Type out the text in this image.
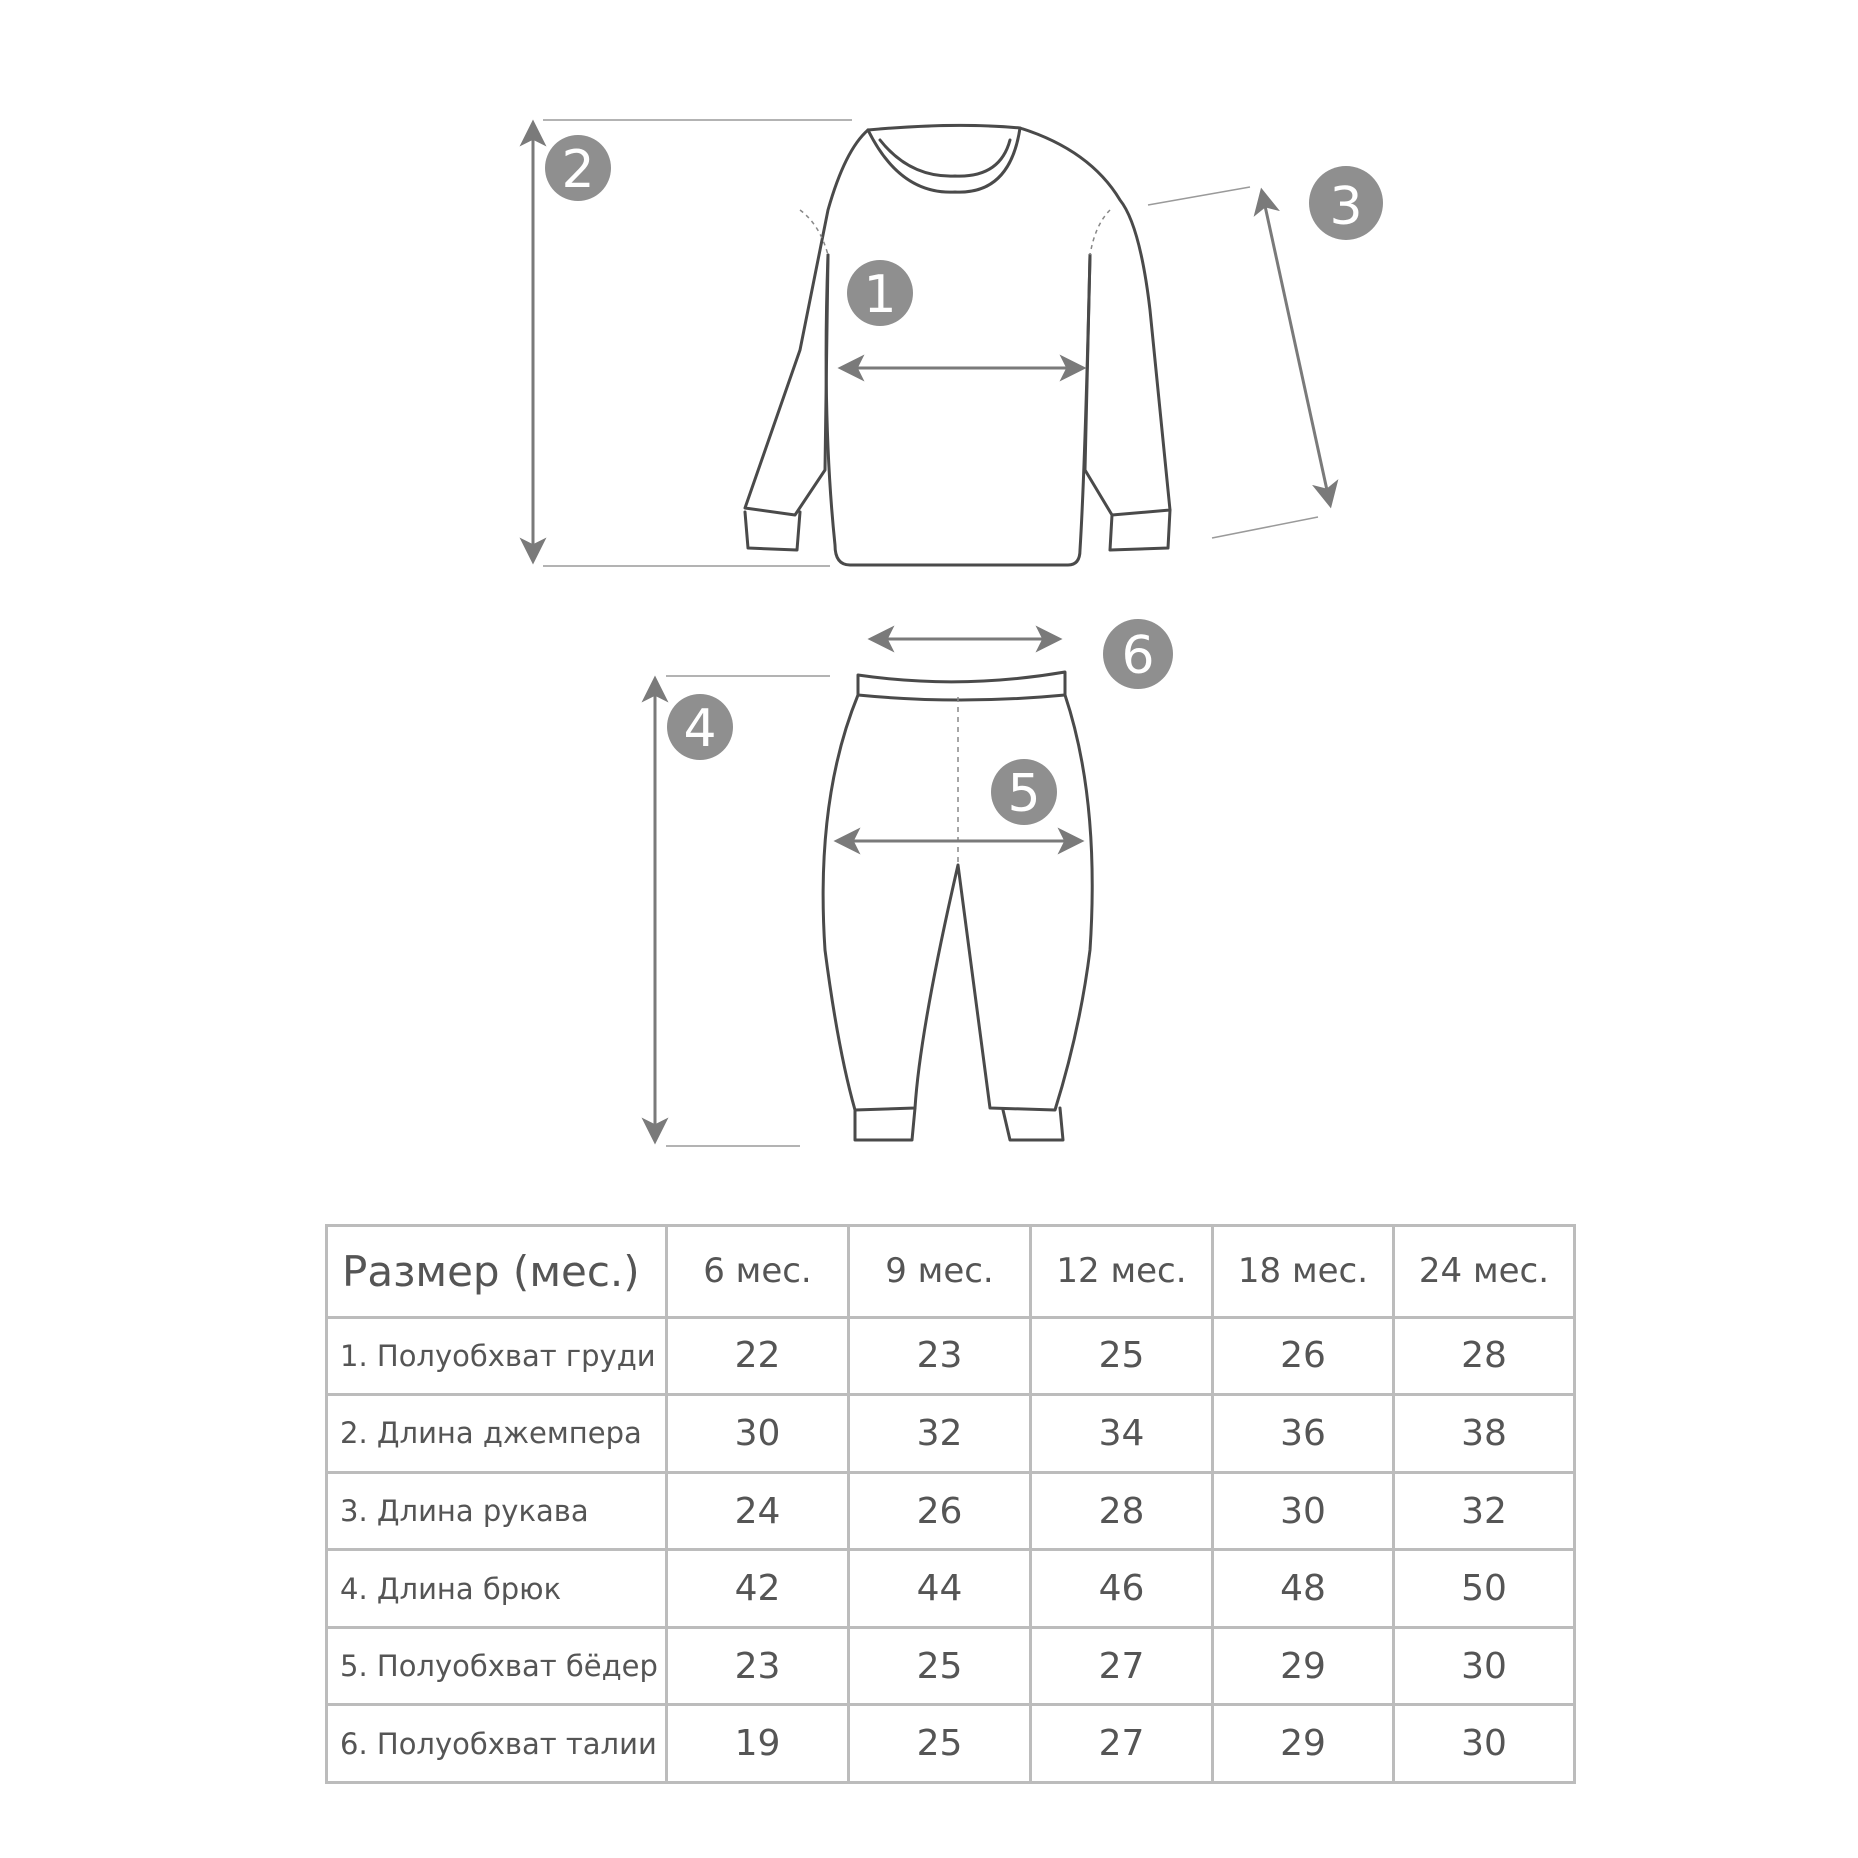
1
2
3
4
5
6
Размер (мес.)	6 мес.	9 мес.	12 мес.	18 мес.	24 мес.
1. Полуобхват груди	22	23	25	26	28
2. Длина джемпера	30	32	34	36	38
3. Длина рукава	24	26	28	30	32
4. Длина брюк	42	44	46	48	50
5. Полуобхват бёдер	23	25	27	29	30
6. Полуобхват талии	19	25	27	29	30
